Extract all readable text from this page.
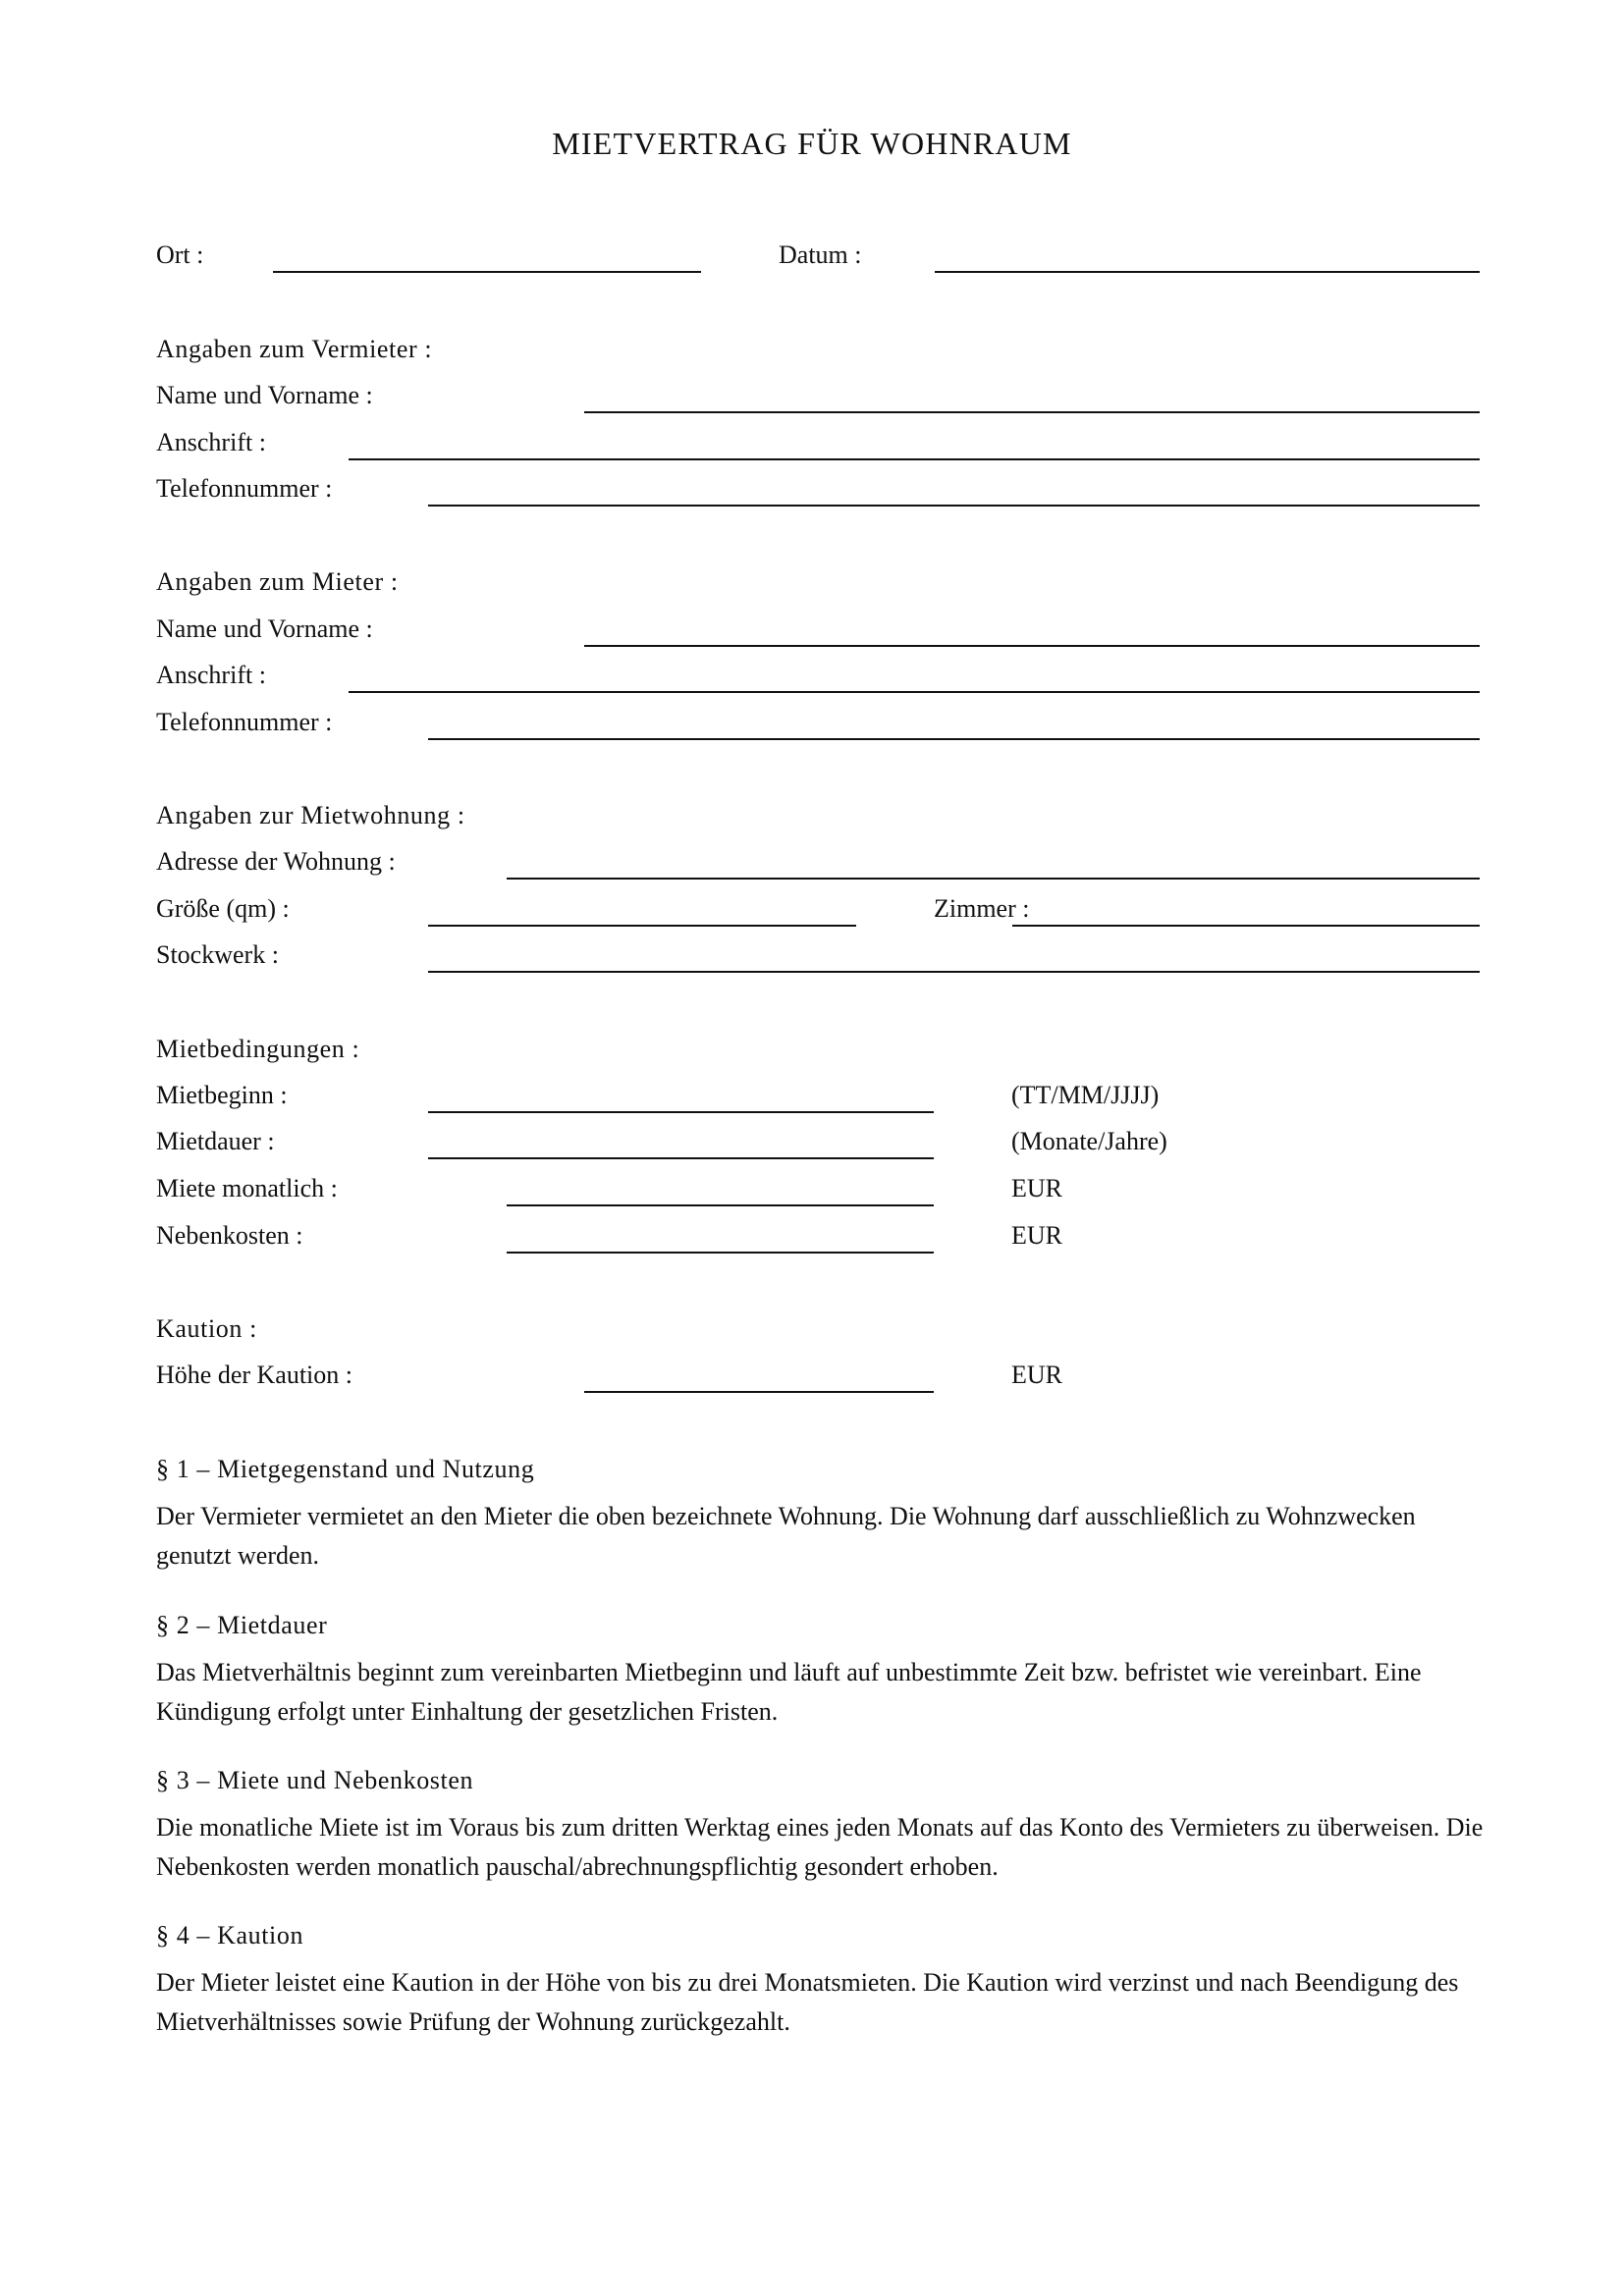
MIETVERTRAG FÜR WOHNRAUM
Ort :	Datum :
Angaben zum Vermieter :
Name und Vorname :
Anschrift :
Telefonnummer :
Angaben zum Mieter :
Name und Vorname :
Anschrift :
Telefonnummer :
Angaben zur Mietwohnung :
Adresse der Wohnung :
Größe (qm) :	Zimmer :
Stockwerk :
Mietbedingungen :
Mietbeginn :	(TT/MM/JJJJ)
Mietdauer :	(Monate/Jahre)
Miete monatlich :	EUR
Nebenkosten :	EUR
Kaution :
Höhe der Kaution :	EUR
§ 1 – Mietgegenstand und Nutzung
Der Vermieter vermietet an den Mieter die oben bezeichnete Wohnung. Die Wohnung darf ausschließlich zu Wohnzwecken genutzt werden.
§ 2 – Mietdauer
Das Mietverhältnis beginnt zum vereinbarten Mietbeginn und läuft auf unbestimmte Zeit bzw. befristet wie vereinbart. Eine Kündigung erfolgt unter Einhaltung der gesetzlichen Fristen.
§ 3 – Miete und Nebenkosten
Die monatliche Miete ist im Voraus bis zum dritten Werktag eines jeden Monats auf das Konto des Vermieters zu überweisen. Die Nebenkosten werden monatlich pauschal/abrechnungspflichtig gesondert erhoben.
§ 4 – Kaution
Der Mieter leistet eine Kaution in der Höhe von bis zu drei Monatsmieten. Die Kaution wird verzinst und nach Beendigung des Mietverhältnisses sowie Prüfung der Wohnung zurückgezahlt.
